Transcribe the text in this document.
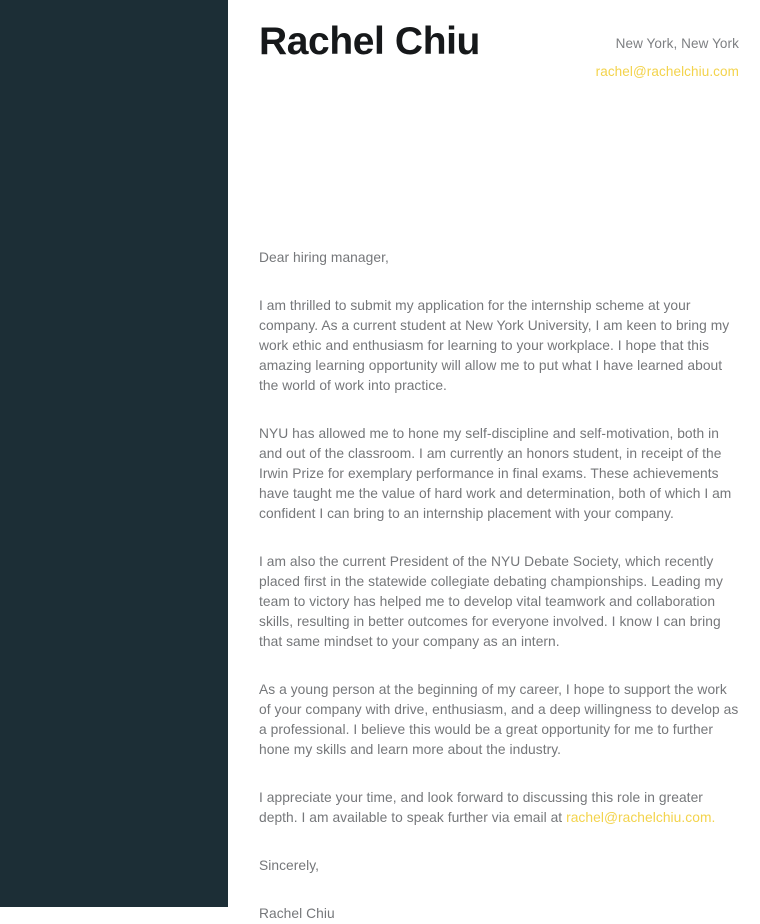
Rachel Chiu	New York, New York
rachel@rachelchiu.com

Dear hiring manager,

I am thrilled to submit my application for the internship scheme at your company. As a current student at New York University, I am keen to bring my work ethic and enthusiasm for learning to your workplace. I hope that this amazing learning opportunity will allow me to put what I have learned about the world of work into practice.

NYU has allowed me to hone my self-discipline and self-motivation, both in and out of the classroom. I am currently an honors student, in receipt of the Irwin Prize for exemplary performance in final exams. These achievements have taught me the value of hard work and determination, both of which I am confident I can bring to an internship placement with your company.

I am also the current President of the NYU Debate Society, which recently placed first in the statewide collegiate debating championships. Leading my team to victory has helped me to develop vital teamwork and collaboration skills, resulting in better outcomes for everyone involved. I know I can bring that same mindset to your company as an intern.

As a young person at the beginning of my career, I hope to support the work of your company with drive, enthusiasm, and a deep willingness to develop as a professional. I believe this would be a great opportunity for me to further hone my skills and learn more about the industry.

I appreciate your time, and look forward to discussing this role in greater depth. I am available to speak further via email at rachel@rachelchiu.com.

Sincerely,

Rachel Chiu
